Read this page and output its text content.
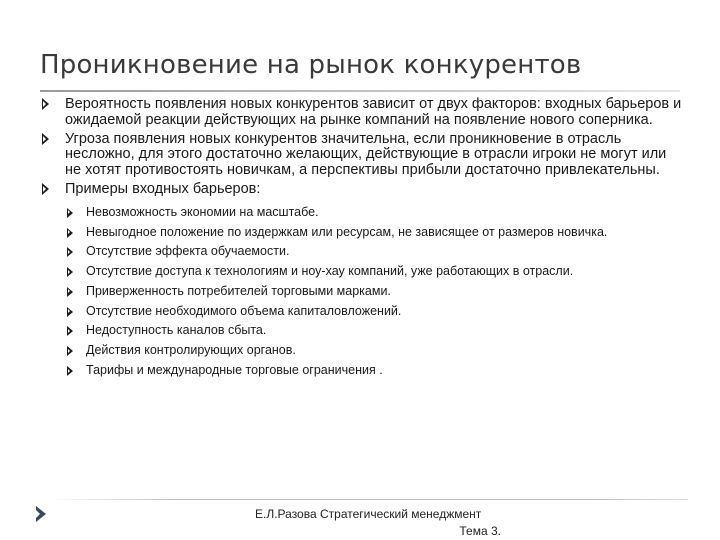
Проникновение на рынок конкурентов
Вероятность появления новых конкурентов зависит от двух факторов: входных барьеров и ожидаемой реакции действующих на рынке компаний на появление нового соперника.
Угроза появления новых конкурентов значительна, если проникновение в отрасль несложно, для этого достаточно желающих, действующие в отрасли игроки не могут или не хотят противостоять новичкам, а перспективы прибыли достаточно привлекательны.
Примеры входных барьеров:
Невозможность экономии на масштабе.
Невыгодное положение по издержкам или ресурсам, не зависящее от размеров новичка.
Отсутствие эффекта обучаемости.
Отсутствие доступа к технологиям и ноу-хау компаний, уже работающих в отрасли.
Приверженность потребителей торговыми марками.
Отсутствие необходимого объема капиталовложений.
Недоступность каналов сбыта.
Действия контролирующих органов.
Тарифы и международные торговые ограничения .
Е.Л.Разова Стратегический менеджмент
Тема 3.
